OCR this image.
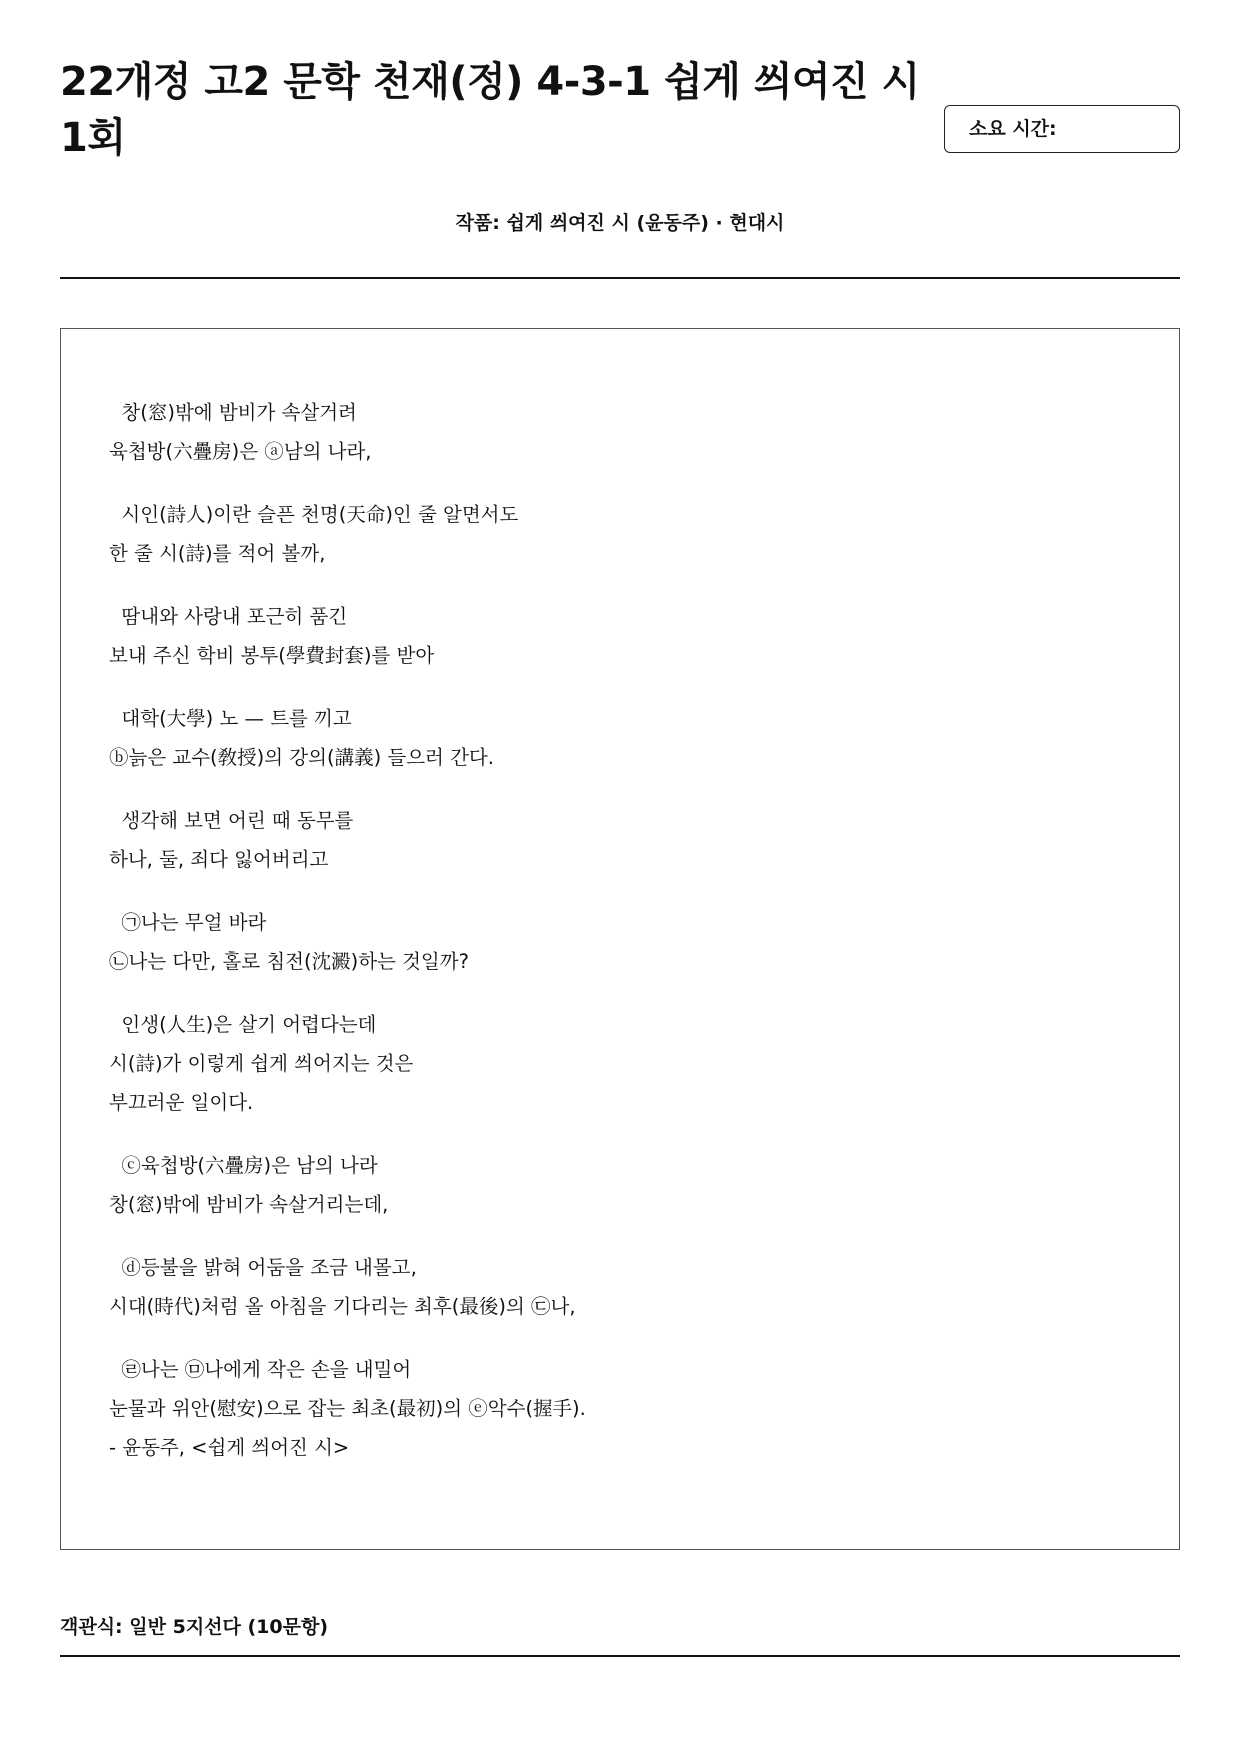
22개정 고2 문학 천재(정) 4-3-1 쉽게 씌여진 시 1회	소요 시간:
작품: 쉽게 씌여진 시 (윤동주) · 현대시
창(窓)밖에 밤비가 속살거려
육첩방(六疊房)은 ⓐ남의 나라,
시인(詩人)이란 슬픈 천명(天命)인 줄 알면서도
한 줄 시(詩)를 적어 볼까,
땀내와 사랑내 포근히 품긴
보내 주신 학비 봉투(學費封套)를 받아
대학(大學) 노 — 트를 끼고
ⓑ늙은 교수(敎授)의 강의(講義) 들으러 간다.
생각해 보면 어린 때 동무를
하나, 둘, 죄다 잃어버리고
㉠나는 무얼 바라
㉡나는 다만, 홀로 침전(沈澱)하는 것일까?
인생(人生)은 살기 어렵다는데
시(詩)가 이렇게 쉽게 씌어지는 것은
부끄러운 일이다.
ⓒ육첩방(六疊房)은 남의 나라
창(窓)밖에 밤비가 속살거리는데,
ⓓ등불을 밝혀 어둠을 조금 내몰고,
시대(時代)처럼 올 아침을 기다리는 최후(最後)의 ㉢나,
㉣나는 ㉤나에게 작은 손을 내밀어
눈물과 위안(慰安)으로 잡는 최초(最初)의 ⓔ악수(握手).
- 윤동주, <쉽게 씌어진 시>
객관식: 일반 5지선다 (10문항)
